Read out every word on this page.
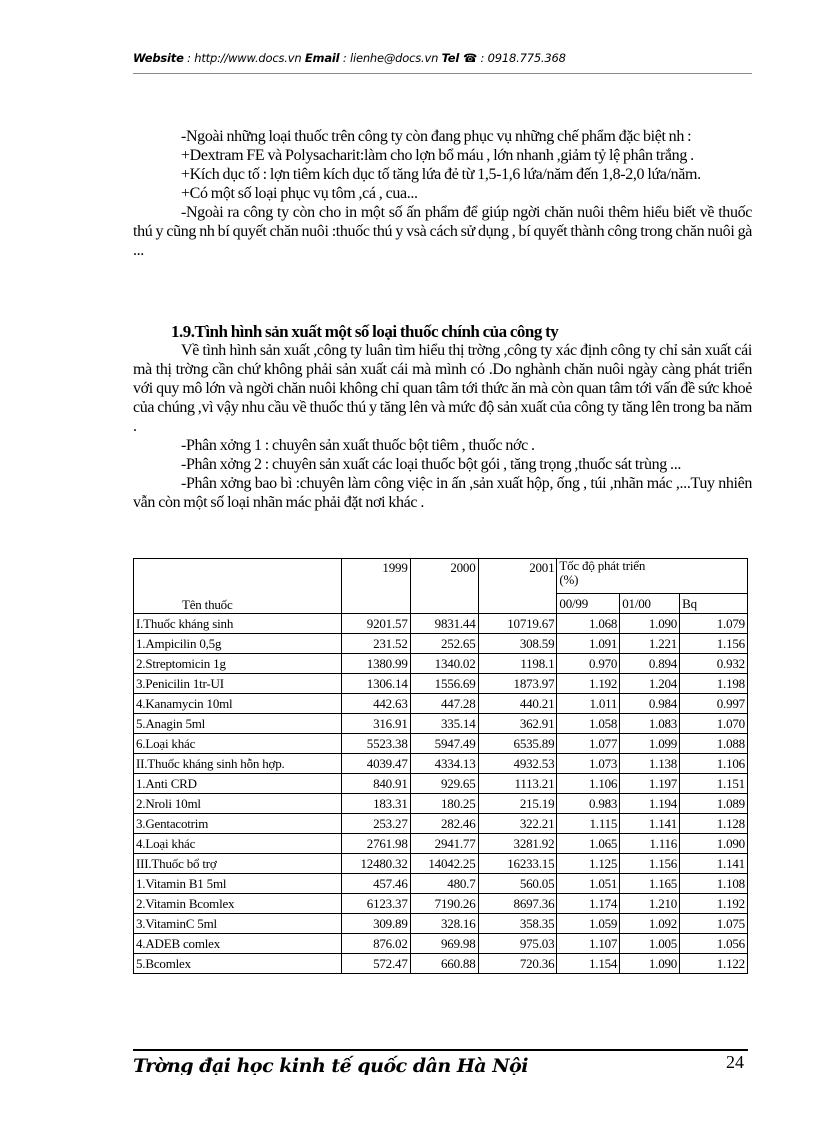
Website : http://www.docs.vn Email : lienhe@docs.vn Tel ☎ : 0918.775.368

-Ngoài những loại thuốc trên công ty còn đang phục vụ những chế phẩm đặc biệt nh :

+Dextram FE và Polysacharit:làm cho lợn bổ máu , lớn nhanh ,giảm tỷ lệ phân trắng .

+Kích dục tố : lợn tiêm kích dục tố tăng lứa đẻ từ 1,5-1,6 lứa/năm đến 1,8-2,0 lứa/năm.

+Có một số loại phục vụ tôm ,cá , cua...

-Ngoài ra công ty còn cho in một số ấn phẩm để giúp ngời chăn nuôi thêm hiểu biết về thuốc thú y cũng nh bí quyết chăn nuôi :thuốc thú y vsà cách sử dụng , bí quyết thành công trong chăn nuôi gà ...

1.9.Tình hình sản xuất một số loại thuốc chính của công ty

Về tình hình sản xuất ,công ty luân tìm hiểu thị trờng ,công ty xác định công ty chỉ sản xuất cái mà thị trờng cần chứ không phải sản xuất cái mà mình có .Do nghành chăn nuôi ngày càng phát triển với quy mô lớn và ngời chăn nuôi không chỉ quan tâm tới thức ăn mà còn quan tâm tới vấn đề sức khoẻ của chúng ,vì vậy nhu cầu về thuốc thú y tăng lên và mức độ sản xuất của công ty tăng lên trong ba năm .

-Phân xởng 1 : chuyên sản xuất thuốc bột tiêm , thuốc nớc .

-Phân xởng 2 : chuyên sản xuất các loại thuốc bột gói , tăng trọng ,thuốc sát trùng ...

-Phân xởng bao bì :chuyên làm công việc in ấn ,sản xuất hộp, ống , túi ,nhãn mác ,...Tuy nhiên vẫn còn một số loại nhãn mác phải đặt nơi khác .

Tên thuốc	1999	2000	2001	Tốc độ phát triển (%)		
				00/99	01/00	Bq
I.Thuốc kháng sinh	9201.57	9831.44	10719.67	1.068	1.090	1.079
1.Ampicilin 0,5g	231.52	252.65	308.59	1.091	1.221	1.156
2.Streptomicin 1g	1380.99	1340.02	1198.1	0.970	0.894	0.932
3.Penicilin 1tr-UI	1306.14	1556.69	1873.97	1.192	1.204	1.198
4.Kanamycin 10ml	442.63	447.28	440.21	1.011	0.984	0.997
5.Anagin 5ml	316.91	335.14	362.91	1.058	1.083	1.070
6.Loại khác	5523.38	5947.49	6535.89	1.077	1.099	1.088
II.Thuốc kháng sinh hỗn hợp.	4039.47	4334.13	4932.53	1.073	1.138	1.106
1.Anti CRD	840.91	929.65	1113.21	1.106	1.197	1.151
2.Nroli 10ml	183.31	180.25	215.19	0.983	1.194	1.089
3.Gentacotrim	253.27	282.46	322.21	1.115	1.141	1.128
4.Loại khác	2761.98	2941.77	3281.92	1.065	1.116	1.090
III.Thuốc bổ trợ	12480.32	14042.25	16233.15	1.125	1.156	1.141
1.Vitamin B1 5ml	457.46	480.7	560.05	1.051	1.165	1.108
2.Vitamin Bcomlex	6123.37	7190.26	8697.36	1.174	1.210	1.192
3.VitaminC 5ml	309.89	328.16	358.35	1.059	1.092	1.075
4.ADEB comlex	876.02	969.98	975.03	1.107	1.005	1.056
5.Bcomlex	572.47	660.88	720.36	1.154	1.090	1.122
Trờng đại học kinh tế quốc dân Hà Nội	24
